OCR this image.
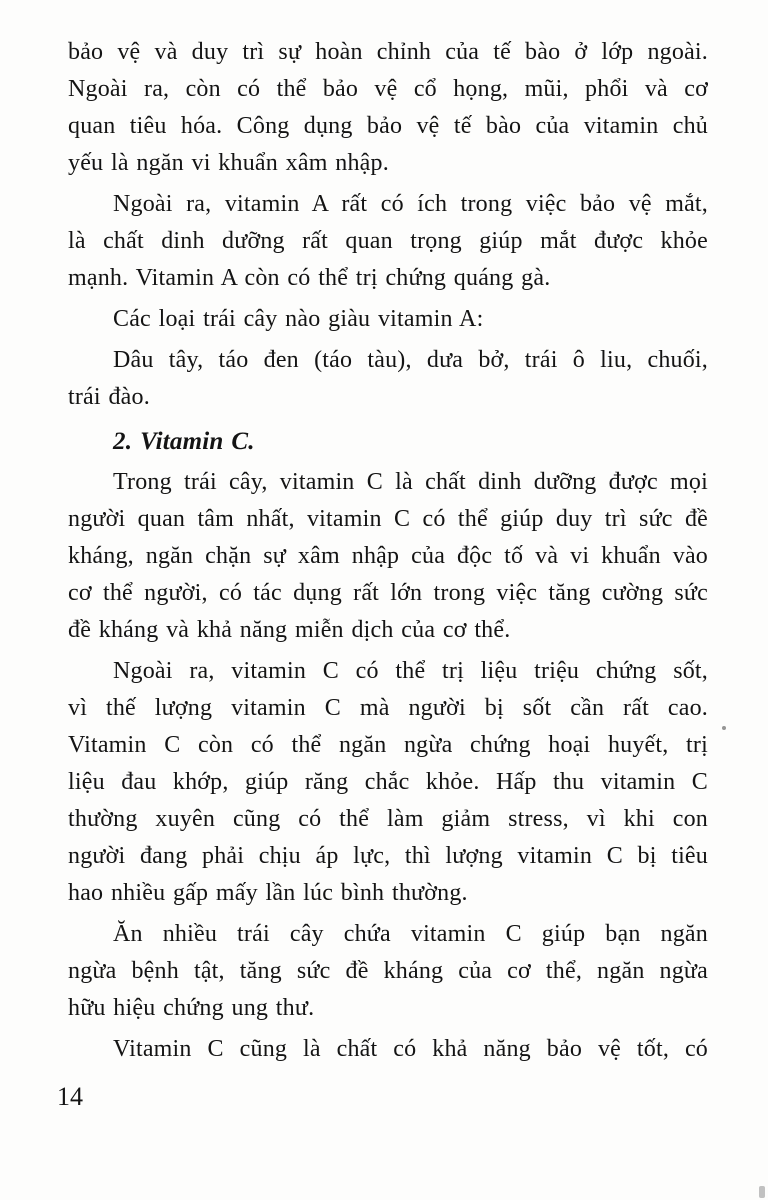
bảo vệ và duy trì sự hoàn chỉnh của tế bào ở lớp ngoài.
Ngoài ra, còn có thể bảo vệ cổ họng, mũi, phổi và cơ
quan tiêu hóa. Công dụng bảo vệ tế bào của vitamin chủ
yếu là ngăn vi khuẩn xâm nhập.
Ngoài ra, vitamin A rất có ích trong việc bảo vệ mắt,
là chất dinh dưỡng rất quan trọng giúp mắt được khỏe
mạnh. Vitamin A còn có thể trị chứng quáng gà.
Các loại trái cây nào giàu vitamin A:
Dâu tây, táo đen (táo tàu), dưa bở, trái ô liu, chuối,
trái đào.
2. Vitamin C.
Trong trái cây, vitamin C là chất dinh dưỡng được mọi
người quan tâm nhất, vitamin C có thể giúp duy trì sức đề
kháng, ngăn chặn sự xâm nhập của độc tố và vi khuẩn vào
cơ thể người, có tác dụng rất lớn trong việc tăng cường sức
đề kháng và khả năng miễn dịch của cơ thể.
Ngoài ra, vitamin C có thể trị liệu triệu chứng sốt,
vì thế lượng vitamin C mà người bị sốt cần rất cao.
Vitamin C còn có thể ngăn ngừa chứng hoại huyết, trị
liệu đau khớp, giúp răng chắc khỏe. Hấp thu vitamin C
thường xuyên cũng có thể làm giảm stress, vì khi con
người đang phải chịu áp lực, thì lượng vitamin C bị tiêu
hao nhiều gấp mấy lần lúc bình thường.
Ăn nhiều trái cây chứa vitamin C giúp bạn ngăn
ngừa bệnh tật, tăng sức đề kháng của cơ thể, ngăn ngừa
hữu hiệu chứng ung thư.
Vitamin C cũng là chất có khả năng bảo vệ tốt, có
14
